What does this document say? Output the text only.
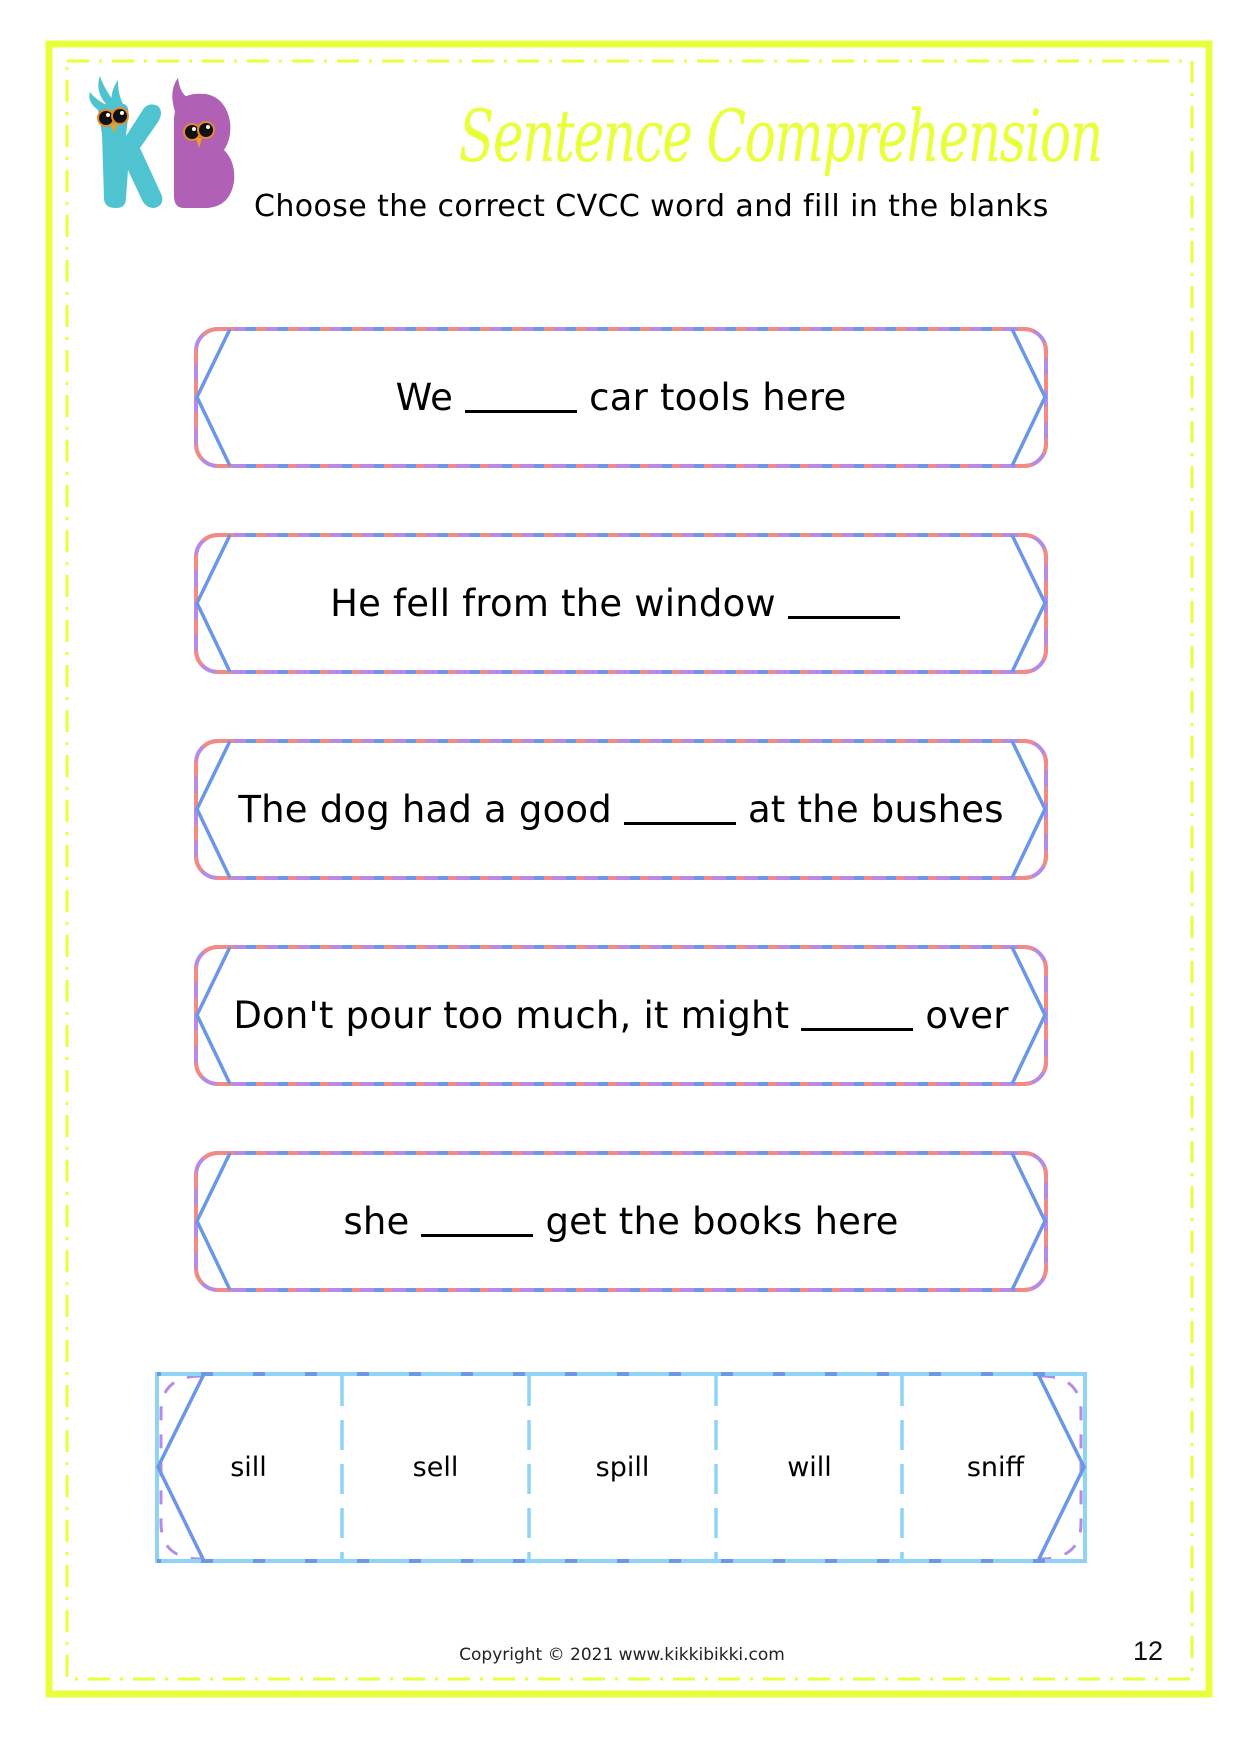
Sentence Comprehension
Choose the correct CVCC word and fill in the blanks
We	car tools here
He fell from the window
The dog had a good	at the bushes
Don't pour too much, it might	over
she	get the books here
sill	sell	spill	will	sniff
Copyright © 2021 www.kikkibikki.com	12
